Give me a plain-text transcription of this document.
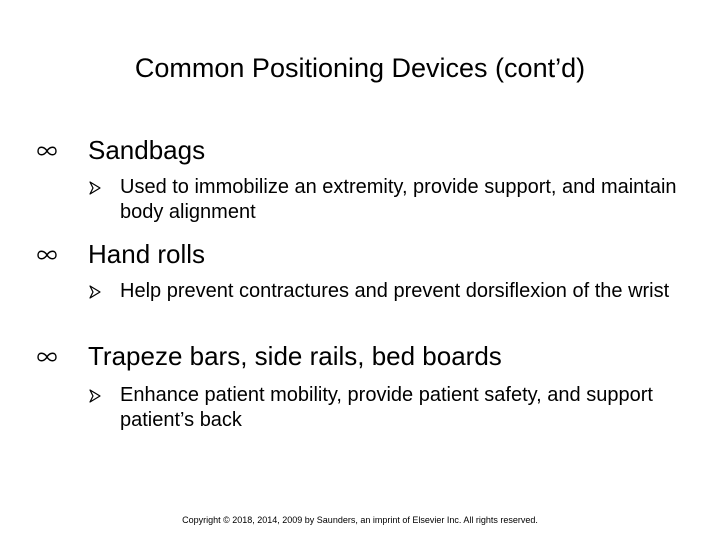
Common Positioning Devices (cont’d)
Sandbags
Used to immobilize an extremity, provide support, and maintain body alignment
Hand rolls
Help prevent contractures and prevent dorsiflexion of the wrist
Trapeze bars, side rails, bed boards
Enhance patient mobility, provide patient safety, and support patient’s back
Copyright © 2018, 2014, 2009 by Saunders, an imprint of Elsevier Inc. All rights reserved.
